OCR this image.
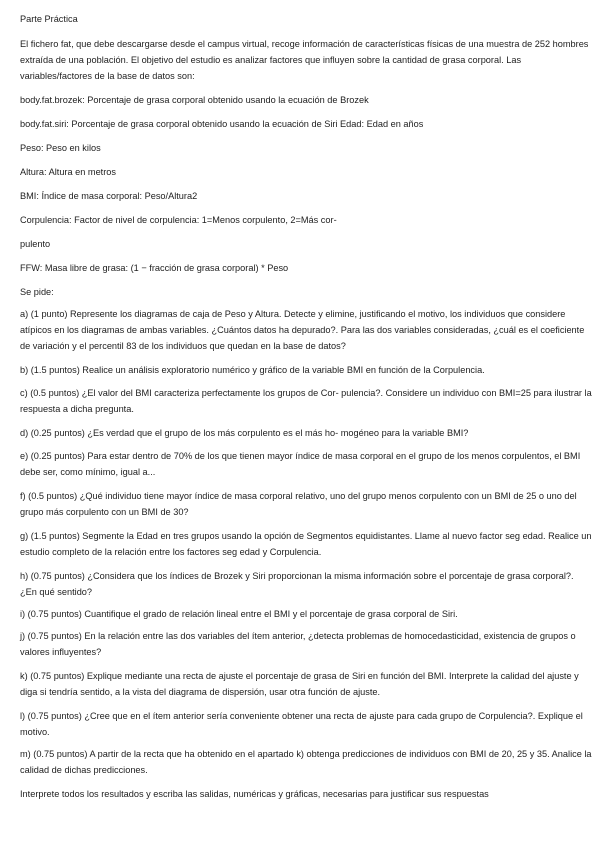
Parte Práctica
El fichero fat, que debe descargarse desde el campus virtual, recoge información de características físicas de una muestra de 252 hombres extraída de una población. El objetivo del estudio es analizar factores que influyen sobre la cantidad de grasa corporal. Las variables/factores de la base de datos son:
body.fat.brozek: Porcentaje de grasa corporal obtenido usando la ecuación de Brozek
body.fat.siri: Porcentaje de grasa corporal obtenido usando la ecuación de Siri Edad: Edad en años
Peso: Peso en kilos
Altura: Altura en metros
BMI: Índice de masa corporal: Peso/Altura2
Corpulencia: Factor de nivel de corpulencia: 1=Menos corpulento, 2=Más cor-
pulento
FFW: Masa libre de grasa: (1 − fracción de grasa corporal) * Peso
Se pide:
a) (1 punto) Represente los diagramas de caja de Peso y Altura. Detecte y elimine, justificando el motivo, los individuos que considere atípicos en los diagramas de ambas variables. ¿Cuántos datos ha depurado?. Para las dos variables consideradas, ¿cuál es el coeficiente de variación y el percentil 83 de los individuos que quedan en la base de datos?
b) (1.5 puntos) Realice un análisis exploratorio numérico y gráfico de la variable BMI en función de la Corpulencia.
c) (0.5 puntos) ¿El valor del BMI caracteriza perfectamente los grupos de Cor- pulencia?. Considere un individuo con BMI=25 para ilustrar la respuesta a dicha pregunta.
d) (0.25 puntos) ¿Es verdad que el grupo de los más corpulento es el más ho- mogéneo para la variable BMI?
e) (0.25 puntos) Para estar dentro de 70% de los que tienen mayor índice de masa corporal en el grupo de los menos corpulentos, el BMI debe ser, como mínimo, igual a...
f) (0.5 puntos) ¿Qué individuo tiene mayor índice de masa corporal relativo, uno del grupo menos corpulento con un BMI de 25 o uno del grupo más corpulento con un BMI de 30?
g) (1.5 puntos) Segmente la Edad en tres grupos usando la opción de Segmentos equidistantes. Llame al nuevo factor seg edad. Realice un estudio completo de la relación entre los factores seg edad y Corpulencia.
h) (0.75 puntos) ¿Considera que los índices de Brozek y Siri proporcionan la misma información sobre el porcentaje de grasa corporal?. ¿En qué sentido?
i) (0.75 puntos) Cuantifique el grado de relación lineal entre el BMI y el porcentaje de grasa corporal de Siri.
j) (0.75 puntos) En la relación entre las dos variables del ítem anterior, ¿detecta problemas de homocedasticidad, existencia de grupos o valores influyentes?
k) (0.75 puntos) Explique mediante una recta de ajuste el porcentaje de grasa de Siri en función del BMI. Interprete la calidad del ajuste y diga si tendría sentido, a la vista del diagrama de dispersión, usar otra función de ajuste.
l) (0.75 puntos) ¿Cree que en el ítem anterior sería conveniente obtener una recta de ajuste para cada grupo de Corpulencia?. Explique el motivo.
m) (0.75 puntos) A partir de la recta que ha obtenido en el apartado k) obtenga predicciones de individuos con BMI de 20, 25 y 35. Analice la calidad de dichas predicciones.
Interprete todos los resultados y escriba las salidas, numéricas y gráficas, necesarias para justificar sus respuestas
